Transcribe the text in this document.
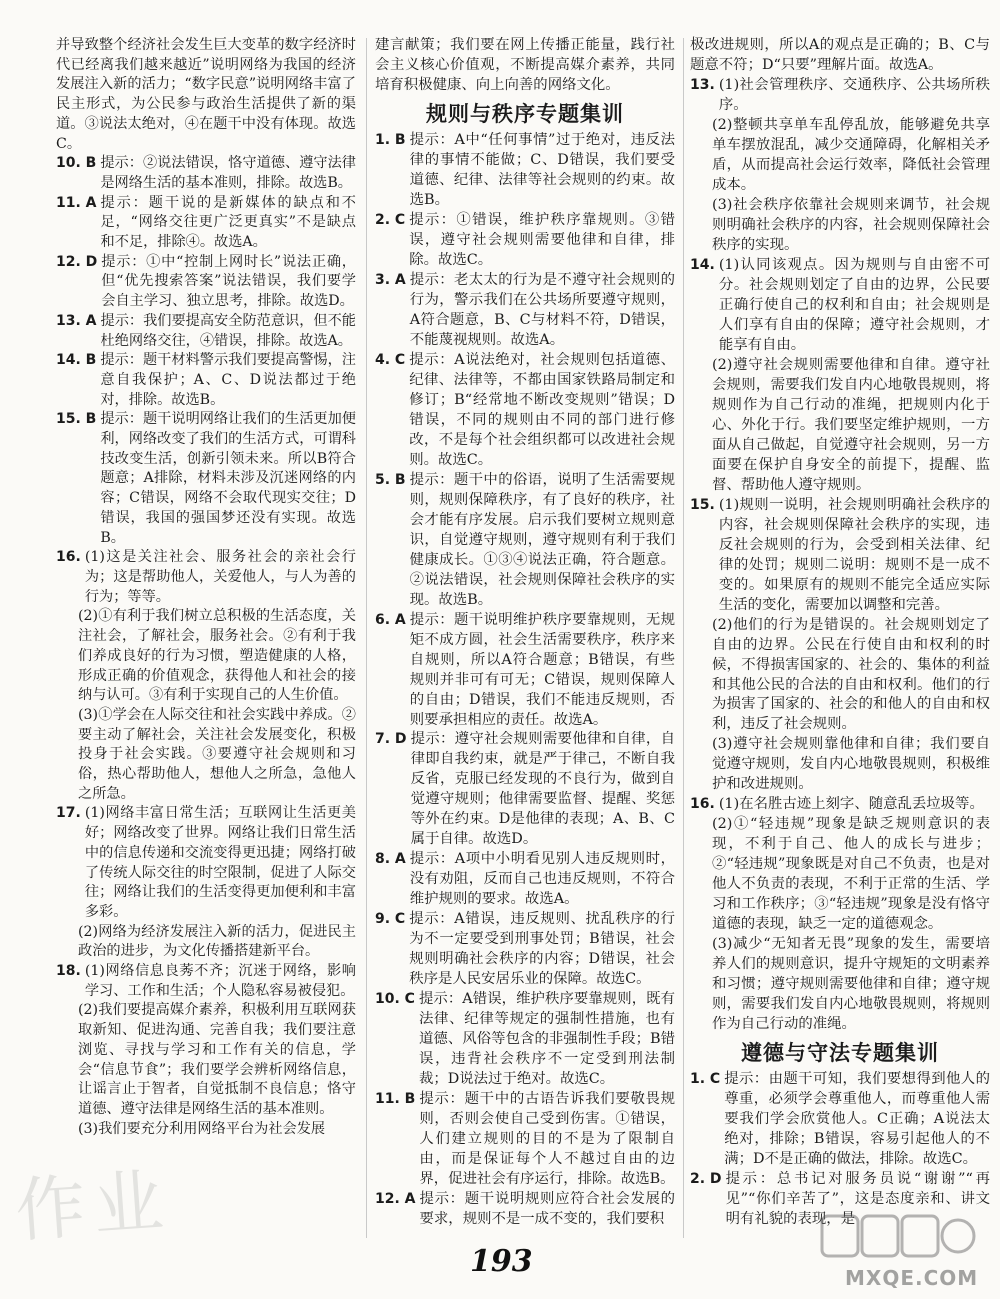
并导致整个经济社会发生巨大变革的数字经济时代已经离我们越来越近”说明网络为我国的经济发展注入新的活力；“数字民意”说明网络丰富了民主形式，为公民参与政治生活提供了新的渠道。③说法太绝对，④在题干中没有体现。故选C。
10. B 提示：②说法错误，恪守道德、遵守法律是网络生活的基本准则，排除。故选B。
11. A 提示：题干说的是新媒体的缺点和不足，“网络交往更广泛更真实”不是缺点和不足，排除④。故选A。
12. D 提示：①中“控制上网时长”说法正确，但“优先搜索答案”说法错误，我们要学会自主学习、独立思考，排除。故选D。
13. A 提示：我们要提高安全防范意识，但不能杜绝网络交往，④错误，排除。故选A。
14. B 提示：题干材料警示我们要提高警惕，注意自我保护；A、C、D说法都过于绝对，排除。故选B。
15. B 提示：题干说明网络让我们的生活更加便利，网络改变了我们的生活方式，可谓科技改变生活，创新引领未来。所以B符合题意；A排除，材料未涉及沉迷网络的内容；C错误，网络不会取代现实交往；D错误，我国的强国梦还没有实现。故选B。
16. (1)这是关注社会、服务社会的亲社会行为；这是帮助他人，关爱他人，与人为善的行为；等等。
(2)①有利于我们树立总积极的生活态度，关注社会，了解社会，服务社会。②有利于我们养成良好的行为习惯，塑造健康的人格，形成正确的价值观念，获得他人和社会的接纳与认可。③有利于实现自己的人生价值。
(3)①学会在人际交往和社会实践中养成。②要主动了解社会，关注社会发展变化，积极投身于社会实践。③要遵守社会规则和习俗，热心帮助他人，想他人之所急，急他人之所急。
17. (1)网络丰富日常生活；互联网让生活更美好；网络改变了世界。网络让我们日常生活中的信息传递和交流变得更迅捷；网络打破了传统人际交往的时空限制，促进了人际交往；网络让我们的生活变得更加便利和丰富多彩。
(2)网络为经济发展注入新的活力，促进民主政治的进步，为文化传播搭建新平台。
18. (1)网络信息良莠不齐；沉迷于网络，影响学习、工作和生活；个人隐私容易被侵犯。
(2)我们要提高媒介素养，积极利用互联网获取新知、促进沟通、完善自我；我们要注意浏览、寻找与学习和工作有关的信息，学会“信息节食”；我们要学会辨析网络信息，让谣言止于智者，自觉抵制不良信息；恪守道德、遵守法律是网络生活的基本准则。
(3)我们要充分利用网络平台为社会发展
建言献策；我们要在网上传播正能量，践行社会主义核心价值观，不断提高媒介素养，共同培育积极健康、向上向善的网络文化。
规则与秩序专题集训
1. B 提示：A中“任何事情”过于绝对，违反法律的事情不能做；C、D错误，我们要受道德、纪律、法律等社会规则的约束。故选B。
2. C 提示：①错误，维护秩序靠规则。③错误，遵守社会规则需要他律和自律，排除。故选C。
3. A 提示：老太太的行为是不遵守社会规则的行为，警示我们在公共场所要遵守规则，A符合题意，B、C与材料不符，D错误，不能蔑视规则。故选A。
4. C 提示：A说法绝对，社会规则包括道德、纪律、法律等，不都由国家铁路局制定和修订；B“经常地不断改变规则”错误；D错误，不同的规则由不同的部门进行修改，不是每个社会组织都可以改进社会规则。故选C。
5. B 提示：题干中的俗语，说明了生活需要规则，规则保障秩序，有了良好的秩序，社会才能有序发展。启示我们要树立规则意识，自觉遵守规则，遵守规则有利于我们健康成长。①③④说法正确，符合题意。②说法错误，社会规则保障社会秩序的实现。故选B。
6. A 提示：题干说明维护秩序要靠规则，无规矩不成方圆，社会生活需要秩序，秩序来自规则，所以A符合题意；B错误，有些规则并非可有可无；C错误，规则保障人的自由；D错误，我们不能违反规则，否则要承担相应的责任。故选A。
7. D 提示：遵守社会规则需要他律和自律，自律即自我约束，就是严于律己，不断自我反省，克服已经发现的不良行为，做到自觉遵守规则；他律需要监督、提醒、奖惩等外在约束。D是他律的表现；A、B、C属于自律。故选D。
8. A 提示：A项中小明看见别人违反规则时，没有劝阻，反而自己也违反规则，不符合维护规则的要求。故选A。
9. C 提示：A错误，违反规则、扰乱秩序的行为不一定要受到刑事处罚；B错误，社会规则明确社会秩序的内容；D错误，社会秩序是人民安居乐业的保障。故选C。
10. C 提示：A错误，维护秩序要靠规则，既有法律、纪律等规定的强制性措施，也有道德、风俗等包含的非强制性手段；B错误，违背社会秩序不一定受到刑法制裁；D说法过于绝对。故选C。
11. B 提示：题干中的古语告诉我们要敬畏规则，否则会使自己受到伤害。①错误，人们建立规则的目的不是为了限制自由，而是保证每个人不越过自由的边界，促进社会有序运行，排除。故选B。
12. A 提示：题干说明规则应符合社会发展的要求，规则不是一成不变的，我们要积
极改进规则，所以A的观点是正确的；B、C与题意不符；D“只要”理解片面。故选A。
13. (1)社会管理秩序、交通秩序、公共场所秩序。
(2)整顿共享单车乱停乱放，能够避免共享单车摆放混乱，减少交通障碍，化解相关矛盾，从而提高社会运行效率，降低社会管理成本。
(3)社会秩序依靠社会规则来调节，社会规则明确社会秩序的内容，社会规则保障社会秩序的实现。
14. (1)认同该观点。因为规则与自由密不可分。社会规则划定了自由的边界，公民要正确行使自己的权利和自由；社会规则是人们享有自由的保障；遵守社会规则，才能享有自由。
(2)遵守社会规则需要他律和自律。遵守社会规则，需要我们发自内心地敬畏规则，将规则作为自己行动的准绳，把规则内化于心、外化于行。我们要坚定维护规则，一方面从自己做起，自觉遵守社会规则，另一方面要在保护自身安全的前提下，提醒、监督、帮助他人遵守规则。
15. (1)规则一说明，社会规则明确社会秩序的内容，社会规则保障社会秩序的实现，违反社会规则的行为，会受到相关法律、纪律的处罚；规则二说明：规则不是一成不变的。如果原有的规则不能完全适应实际生活的变化，需要加以调整和完善。
(2)他们的行为是错误的。社会规则划定了自由的边界。公民在行使自由和权利的时候，不得损害国家的、社会的、集体的利益和其他公民的合法的自由和权利。他们的行为损害了国家的、社会的和他人的自由和权利，违反了社会规则。
(3)遵守社会规则靠他律和自律；我们要自觉遵守规则，发自内心地敬畏规则，积极维护和改进规则。
16. (1)在名胜古迹上刻字、随意乱丢垃圾等。
(2)①“轻违规”现象是缺乏规则意识的表现，不利于自己、他人的成长与进步；②“轻违规”现象既是对自己不负责，也是对他人不负责的表现，不利于正常的生活、学习和工作秩序；③“轻违规”现象是没有恪守道德的表现，缺乏一定的道德观念。
(3)减少“无知者无畏”现象的发生，需要培养人们的规则意识，提升守规矩的文明素养和习惯；遵守规则需要他律和自律；遵守规则，需要我们发自内心地敬畏规则，将规则作为自己行动的准绳。
遵德与守法专题集训
1. C 提示：由题干可知，我们要想得到他人的尊重，必须学会尊重他人，而尊重他人需要我们学会欣赏他人。C正确；A说法太绝对，排除；B错误，容易引起他人的不满；D不是正确的做法，排除。故选C。
2. D 提示：总书记对服务员说“谢谢”“再见”“你们辛苦了”，这是态度亲和、讲文明有礼貌的表现，是
作业
MXQE.COM
193
